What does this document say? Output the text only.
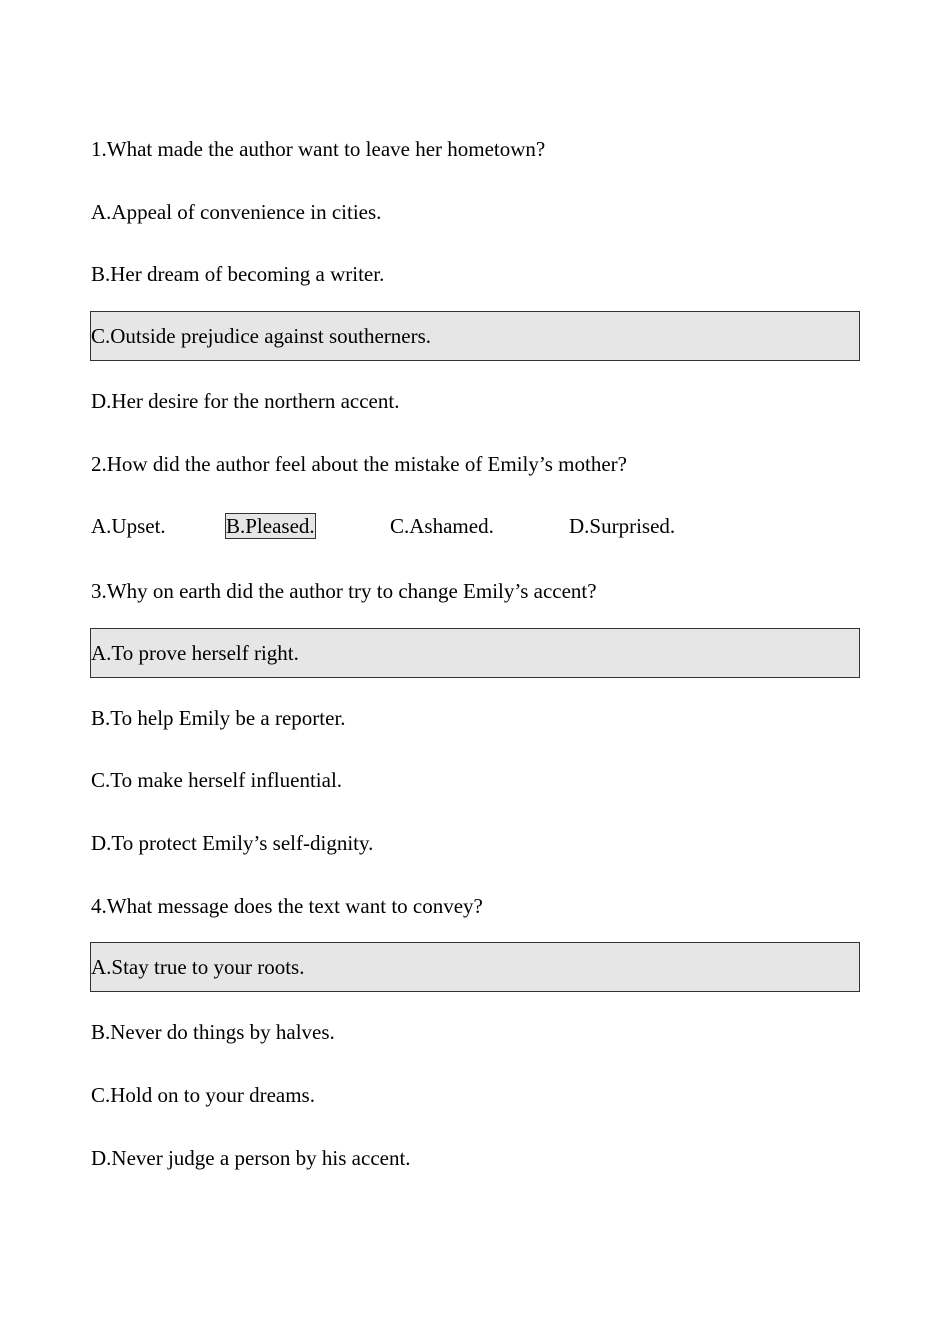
1.What made the author want to leave her hometown?
A.Appeal of convenience in cities.
B.Her dream of becoming a writer.
C.Outside prejudice against southerners.
D.Her desire for the northern accent.
2.How did the author feel about the mistake of Emily’s mother?
A.Upset.	B.Pleased.	C.Ashamed.	D.Surprised.
3.Why on earth did the author try to change Emily’s accent?
A.To prove herself right.
B.To help Emily be a reporter.
C.To make herself influential.
D.To protect Emily’s self-dignity.
4.What message does the text want to convey?
A.Stay true to your roots.
B.Never do things by halves.
C.Hold on to your dreams.
D.Never judge a person by his accent.
